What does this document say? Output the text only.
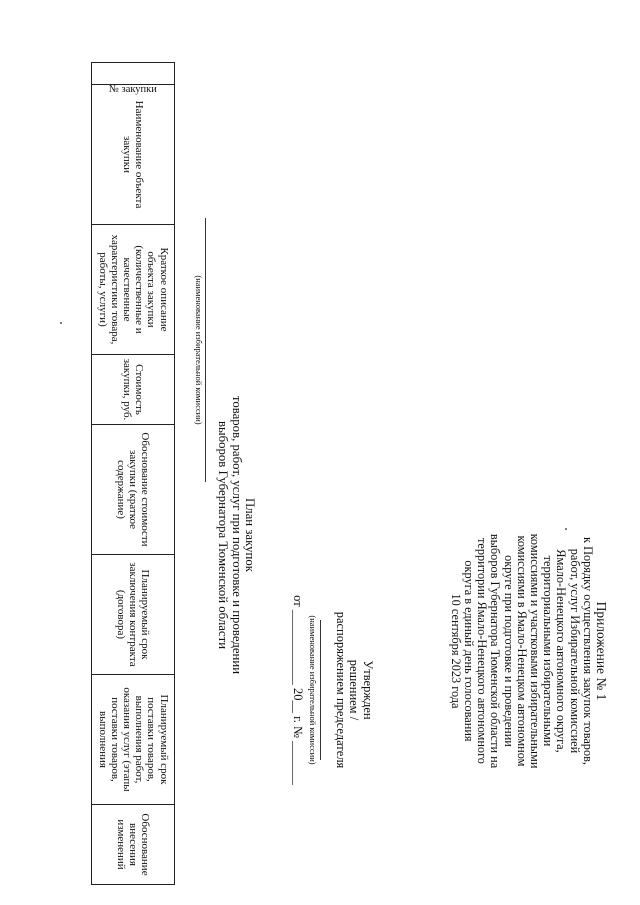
Приложение № 1
к Порядку осуществления закупок товаров,
работ, услуг Избирательной комиссией
Ямало-Ненецкого автономного округа,
территориальными избирательными
комиссиями и участковыми избирательными
комиссиями в Ямало-Ненецком автономном
округе при подготовке и проведении
выборов Губернатора Тюменской области на
территории Ямало-Ненецкого автономного
округа в единый день голосования
10 сентября 2023 года
Утвержден
решением /
распоряжением председателя
(наименование избирательной комиссии)
от ____________ 20__ г. № _______
План закупок
товаров, работ, услуг при подготовке и проведении
выборов Губернатора Тюменской области
(наименование избирательной комиссии)
№ закупки	Наименование объекта закупки	Краткое описание объекта закупки (количественные и качественные характеристики товара, работы, услуги)	Стоимость закупки, руб.	Обоснование стоимости закупки (краткое содержание)	Планируемый срок заключения контракта (договора)	Планируемый срок поставки товаров, выполнения работ, оказания услуг (этапы поставки товаров, выполнения	Обоснование внесения изменений
